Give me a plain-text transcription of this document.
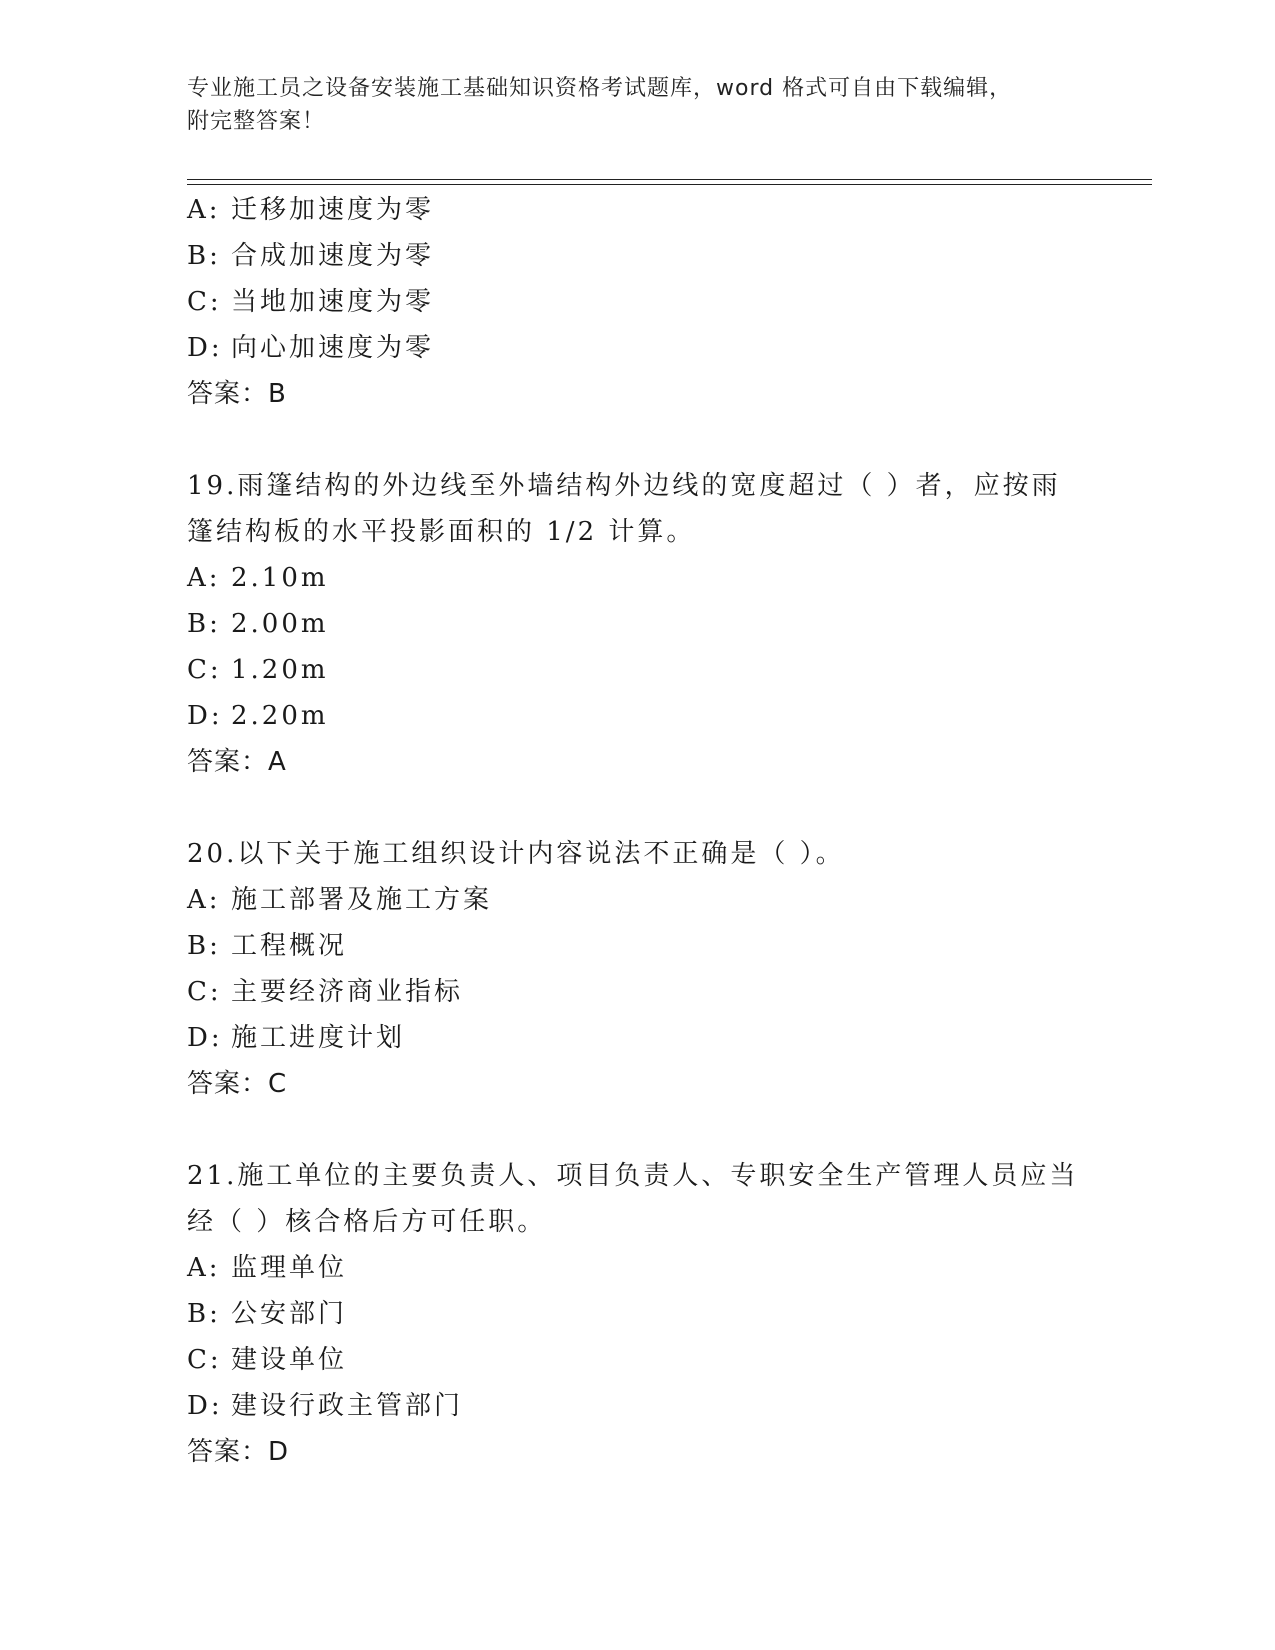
专业施工员之设备安装施工基础知识资格考试题库，word 格式可自由下载编辑，
附完整答案！
A: 迁移加速度为零
B: 合成加速度为零
C: 当地加速度为零
D: 向心加速度为零
答案：B
19.雨篷结构的外边线至外墙结构外边线的宽度超过（ ）者，应按雨
篷结构板的水平投影面积的 1/2 计算。
A: 2.10m
B: 2.00m
C: 1.20m
D: 2.20m
答案：A
20.以下关于施工组织设计内容说法不正确是（ ）。
A: 施工部署及施工方案
B: 工程概况
C: 主要经济商业指标
D: 施工进度计划
答案：C
21.施工单位的主要负责人、项目负责人、专职安全生产管理人员应当
经（ ）核合格后方可任职。
A: 监理单位
B: 公安部门
C: 建设单位
D: 建设行政主管部门
答案：D
